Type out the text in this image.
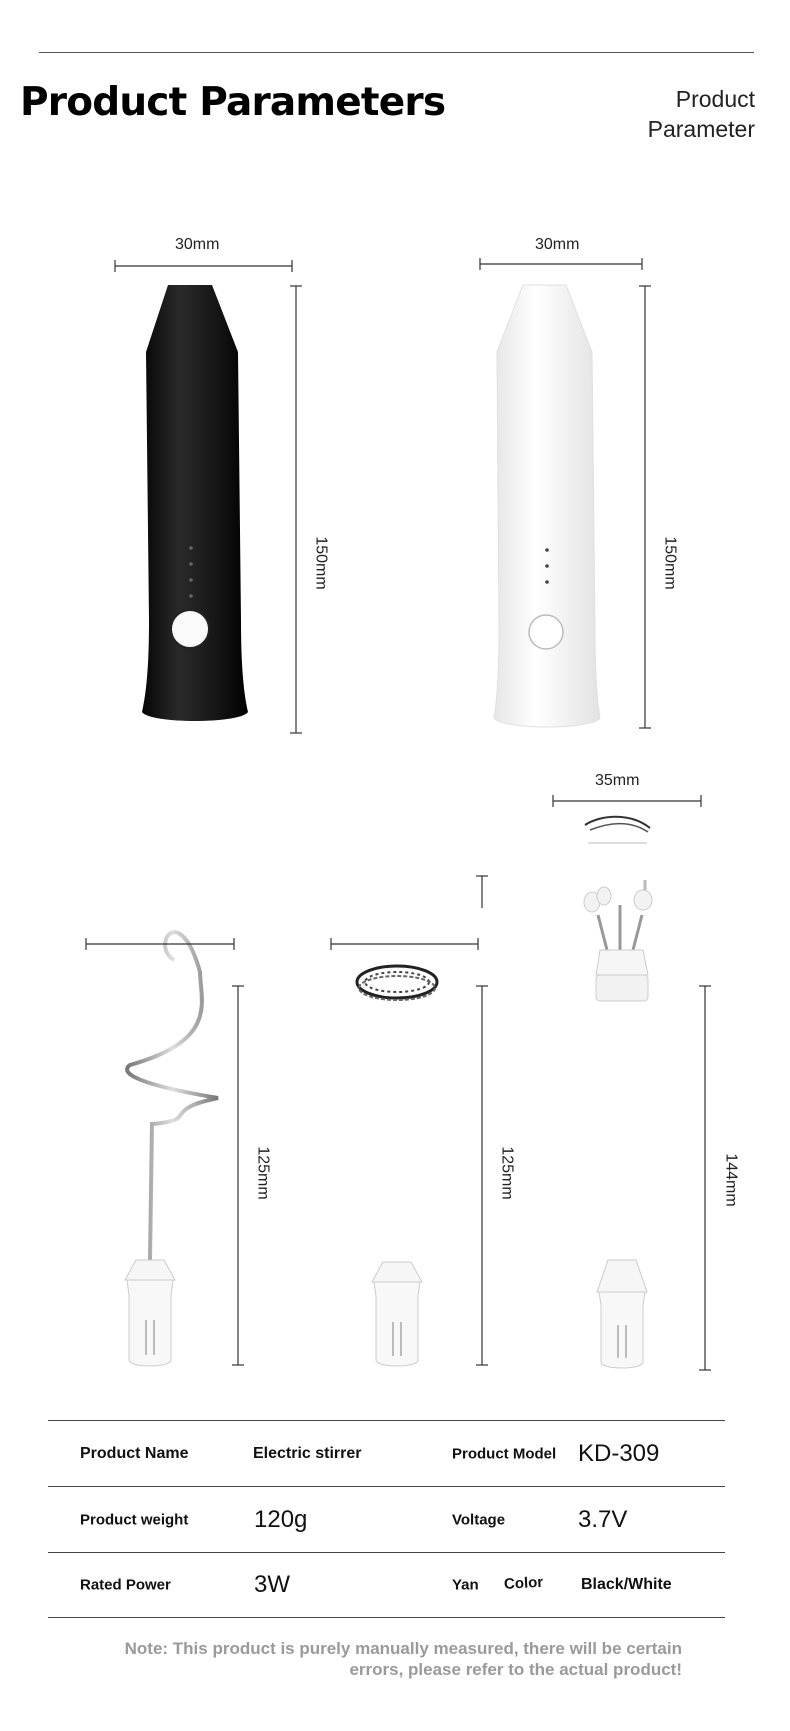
Product Parameters	Product
Parameter
30mm
150mm
30mm
150mm
125mm	125mm
35mm
144mm
Product Name	Electric stirrer	Product Model KD-309
Product weight	120g	Voltage	3.7V
Rated Power	3W	Yan Color Black/White
Note: This product is purely manually measured, there will be certain
errors, please refer to the actual product!
